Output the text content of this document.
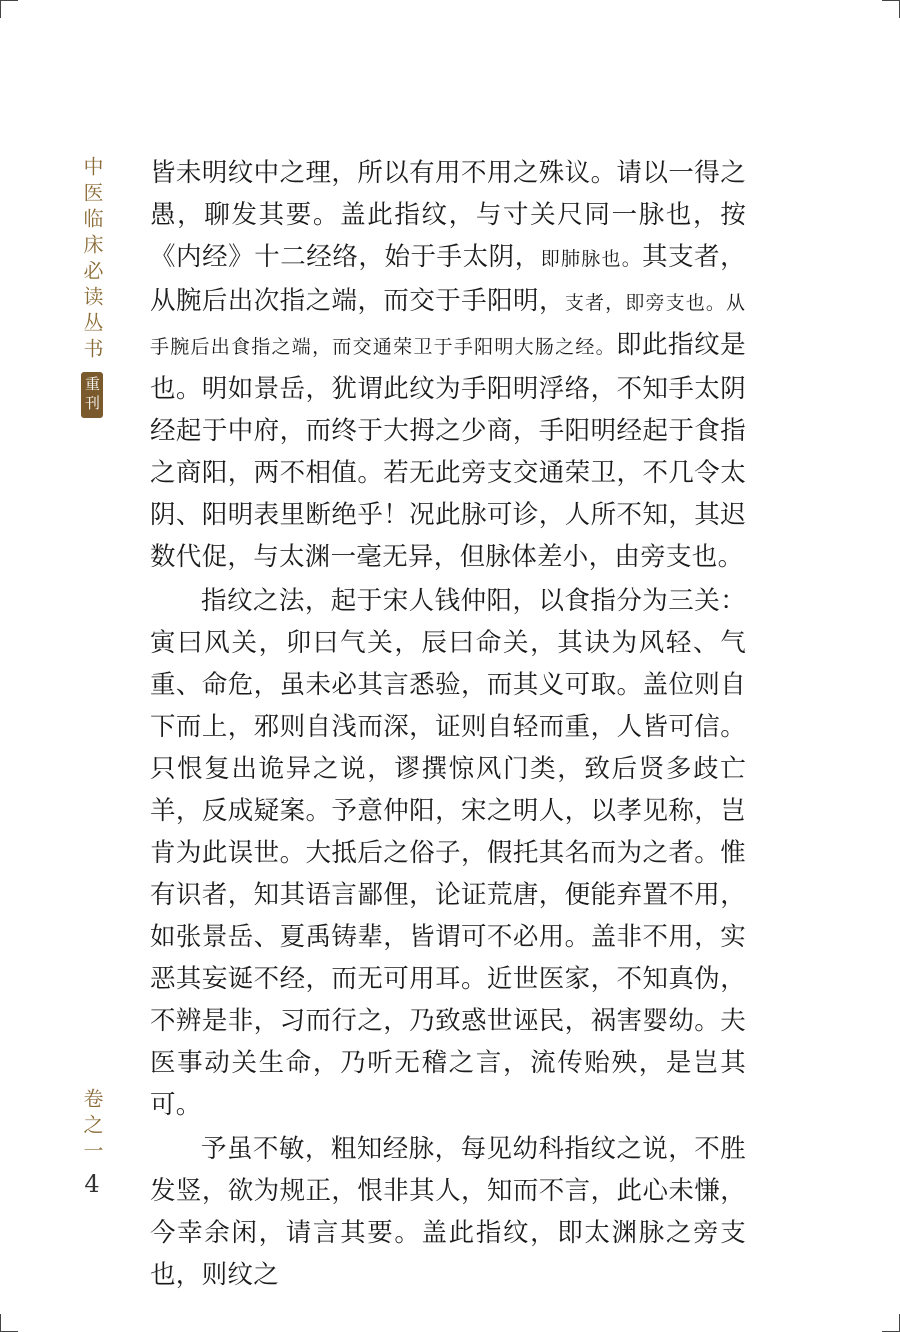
中医临床必读丛书
重刊
卷之一
4

皆未明纹中之理，所以有用不用之殊议。请以一得之愚，聊发其要。盖此指纹，与寸关尺同一脉也，按《内经》十二经络，始于手太阴，即肺脉也。其支者，从腕后出次指之端，而交于手阳明，支者，即旁支也。从手腕后出食指之端，而交通荣卫于手阳明大肠之经。即此指纹是也。明如景岳，犹谓此纹为手阳明浮络，不知手太阴经起于中府，而终于大拇之少商，手阳明经起于食指之商阳，两不相值。若无此旁支交通荣卫，不几令太阴、阳明表里断绝乎！况此脉可诊，人所不知，其迟数代促，与太渊一毫无异，但脉体差小，由旁支也。

指纹之法，起于宋人钱仲阳，以食指分为三关：寅曰风关，卯曰气关，辰曰命关，其诀为风轻、气重、命危，虽未必其言悉验，而其义可取。盖位则自下而上，邪则自浅而深，证则自轻而重，人皆可信。只恨复出诡异之说，谬撰惊风门类，致后贤多歧亡羊，反成疑案。予意仲阳，宋之明人，以孝见称，岂肯为此误世。大抵后之俗子，假托其名而为之者。惟有识者，知其语言鄙俚，论证荒唐，便能弃置不用，如张景岳、夏禹铸辈，皆谓可不必用。盖非不用，实恶其妄诞不经，而无可用耳。近世医家，不知真伪，不辨是非，习而行之，乃致惑世诬民，祸害婴幼。夫医事动关生命，乃听无稽之言，流传贻殃，是岂其可。

予虽不敏，粗知经脉，每见幼科指纹之说，不胜发竖，欲为规正，恨非其人，知而不言，此心未慊，今幸余闲，请言其要。盖此指纹，即太渊脉之旁支也，则纹之
